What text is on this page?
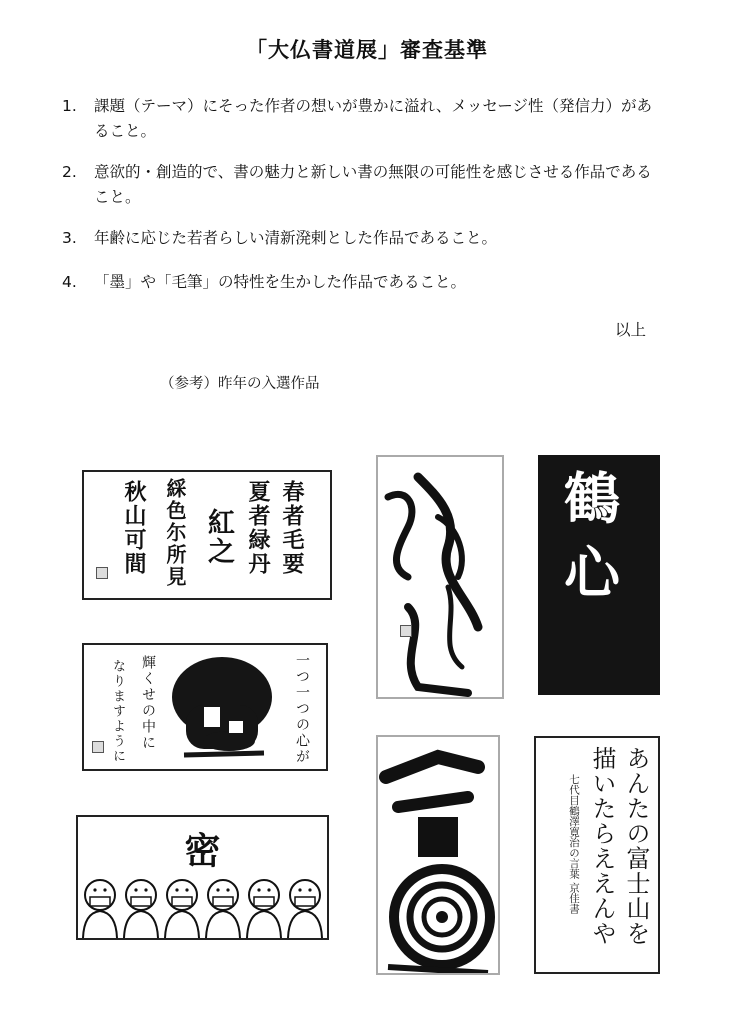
「大仏書道展」審査基準
1. 課題（テーマ）にそった作者の想いが豊かに溢れ、メッセージ性（発信力）があること。
2. 意欲的・創造的で、書の魅力と新しい書の無限の可能性を感じさせる作品であること。
3. 年齢に応じた若者らしい清新溌剌とした作品であること。
4. 「墨」や「毛筆」の特性を生かした作品であること。
以上
（参考）昨年の入選作品
春者毛要
夏者緑丹
紅之
綵色尓所見
秋山可間
一つ一つの心が
輝くせの中に
なりますように
密
嫁	鶴心
輝	あんたの富士山を
描いたらええんや
七代目鶴澤寛治の言葉 京佳書
